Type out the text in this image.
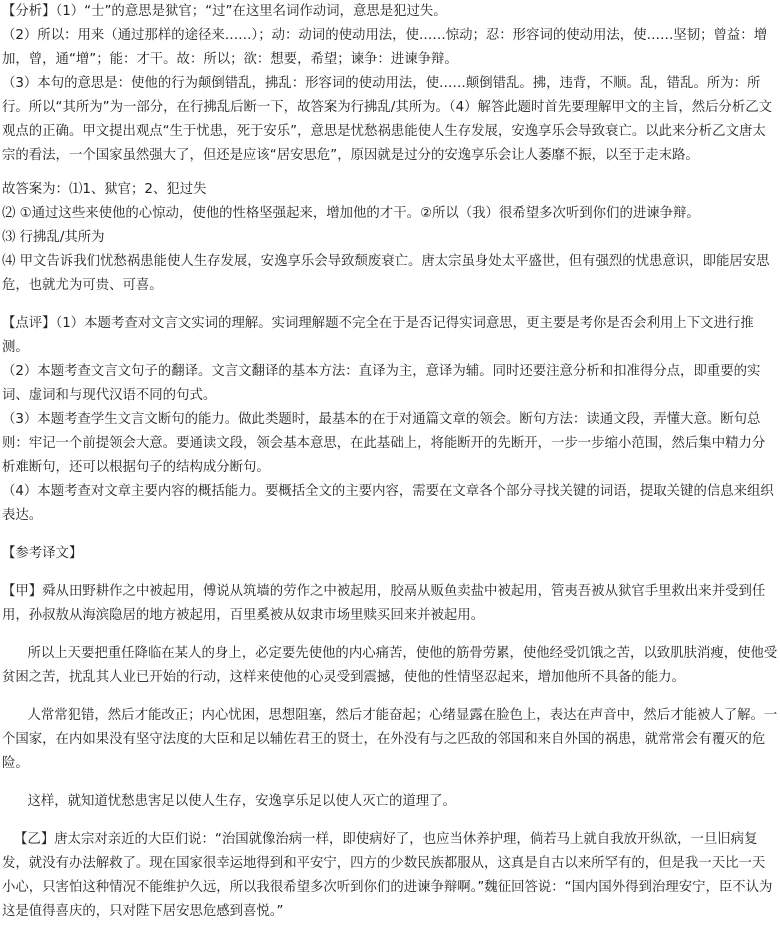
【分析】（1）“士”的意思是狱官；“过”在这里名词作动词，意思是犯过失。

（2）所以：用来（通过那样的途径来……）；动：动词的使动用法，使……惊动；忍：形容词的使动用法，使……坚韧；曾益：增加，曾，通“增”；能：才干。故：所以；欲：想要，希望；谏争：进谏争辩。

（3）本句的意思是：使他的行为颠倒错乱，拂乱：形容词的使动用法，使……颠倒错乱。拂，违背，不顺。乱，错乱。所为：所行。所以“其所为”为一部分，在行拂乱后断一下，故答案为行拂乱/其所为。（4）解答此题时首先要理解甲文的主旨，然后分析乙文观点的正确。甲文提出观点“生于忧患，死于安乐”，意思是忧愁祸患能使人生存发展，安逸享乐会导致衰亡。以此来分析乙文唐太宗的看法，一个国家虽然强大了，但还是应该“居安思危”，原因就是过分的安逸享乐会让人萎靡不振，以至于走末路。

故答案为：⑴1、狱官；2、犯过失

⑵ ①通过这些来使他的心惊动，使他的性格坚强起来，增加他的才干。②所以（我）很希望多次听到你们的进谏争辩。

⑶ 行拂乱/其所为

⑷ 甲文告诉我们忧愁祸患能使人生存发展，安逸享乐会导致颓废衰亡。唐太宗虽身处太平盛世，但有强烈的忧患意识，即能居安思危，也就尤为可贵、可喜。

【点评】（1）本题考查对文言文实词的理解。实词理解题不完全在于是否记得实词意思，更主要是考你是否会利用上下文进行推测。

（2）本题考查文言文句子的翻译。文言文翻译的基本方法：直译为主，意译为辅。同时还要注意分析和扣准得分点，即重要的实词、虚词和与现代汉语不同的句式。

（3）本题考查学生文言文断句的能力。做此类题时，最基本的在于对通篇文章的领会。断句方法：读通文段，弄懂大意。断句总则：牢记一个前提领会大意。要通读文段，领会基本意思，在此基础上，将能断开的先断开，一步一步缩小范围，然后集中精力分析难断句，还可以根据句子的结构成分断句。

（4）本题考查对文章主要内容的概括能力。要概括全文的主要内容，需要在文章各个部分寻找关键的词语，提取关键的信息来组织表达。

【参考译文】

【甲】舜从田野耕作之中被起用，傅说从筑墙的劳作之中被起用，胶鬲从贩鱼卖盐中被起用，管夷吾被从狱官手里救出来并受到任用，孙叔敖从海滨隐居的地方被起用，百里奚被从奴隶市场里赎买回来并被起用。

所以上天要把重任降临在某人的身上，必定要先使他的内心痛苦，使他的筋骨劳累，使他经受饥饿之苦，以致肌肤消瘦，使他受贫困之苦，扰乱其人业已开始的行动，这样来使他的心灵受到震撼，使他的性情坚忍起来，增加他所不具备的能力。

人常常犯错，然后才能改正；内心忧困，思想阻塞，然后才能奋起；心绪显露在脸色上，表达在声音中，然后才能被人了解。一个国家，在内如果没有坚守法度的大臣和足以辅佐君王的贤士，在外没有与之匹敌的邻国和来自外国的祸患，就常常会有覆灭的危险。

这样，就知道忧愁患害足以使人生存，安逸享乐足以使人灭亡的道理了。

【乙】唐太宗对亲近的大臣们说：“治国就像治病一样，即使病好了，也应当休养护理，倘若马上就自我放开纵欲，一旦旧病复发，就没有办法解救了。现在国家很幸运地得到和平安宁，四方的少数民族都服从，这真是自古以来所罕有的，但是我一天比一天小心，只害怕这种情况不能维护久远，所以我很希望多次听到你们的进谏争辩啊。”魏征回答说：“国内国外得到治理安宁，臣不认为这是值得喜庆的，只对陛下居安思危感到喜悦。”
